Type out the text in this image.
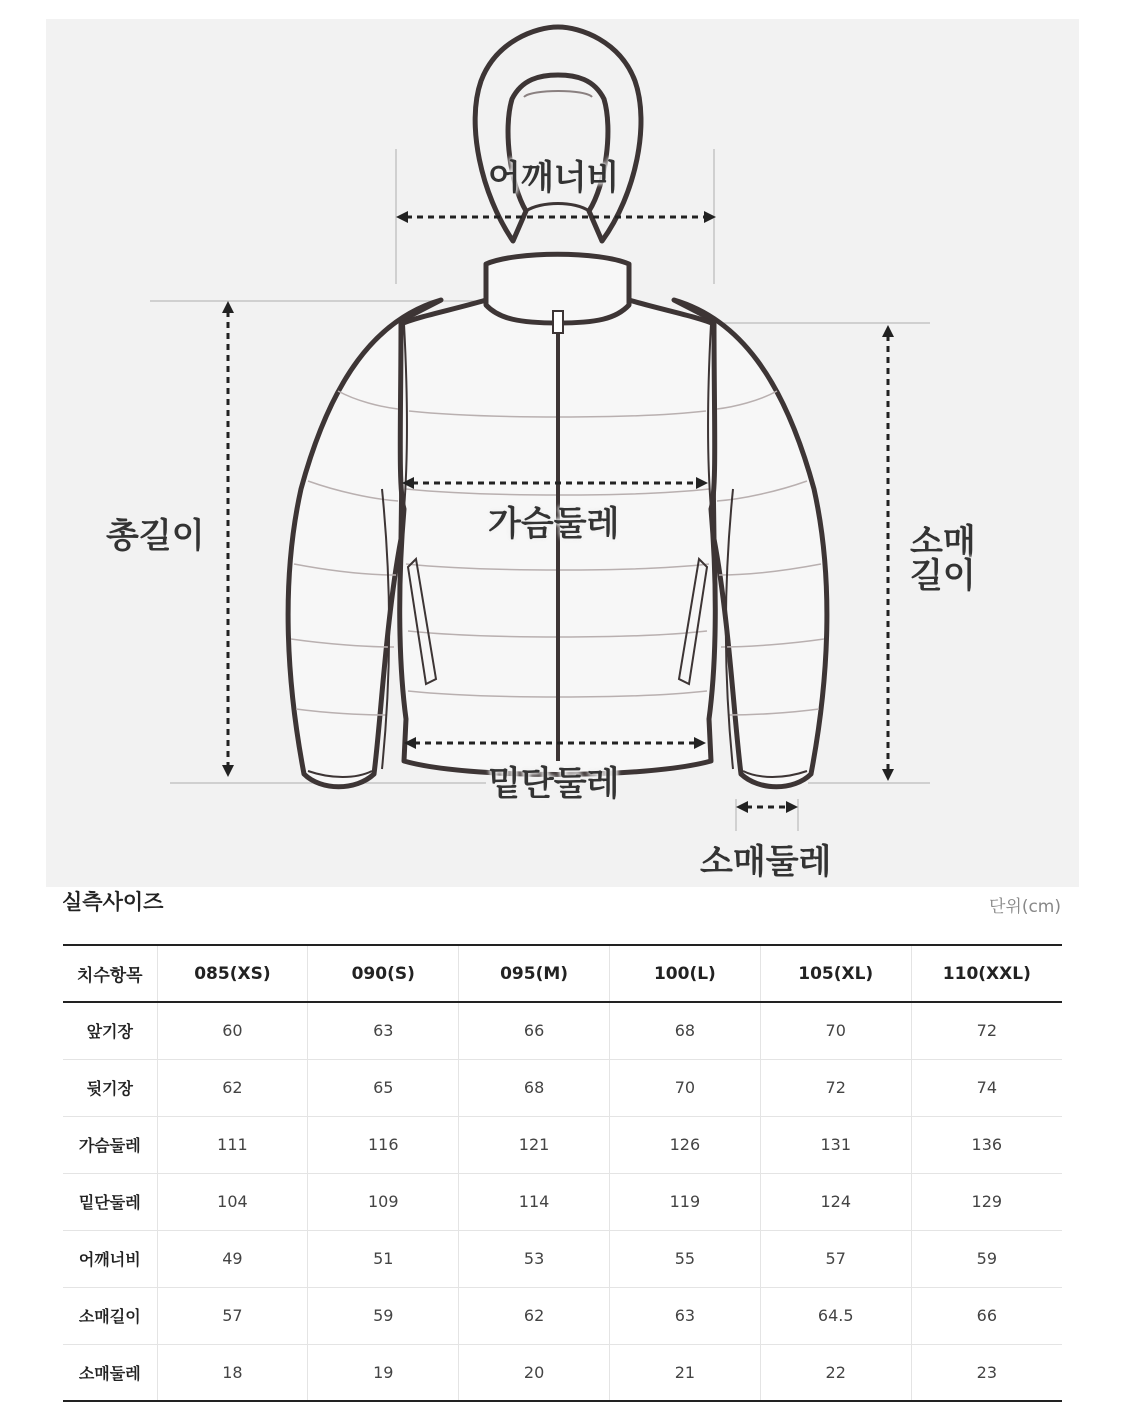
어깨너비
총길이	가슴둘레	소매
길이
밑단둘레
소매둘레
실측사이즈	단위(cm)
치수항목	085(XS)	090(S)	095(M)	100(L)	105(XL)	110(XXL)
앞기장	60	63	66	68	70	72
뒷기장	62	65	68	70	72	74
가슴둘레	111	116	121	126	131	136
밑단둘레	104	109	114	119	124	129
어깨너비	49	51	53	55	57	59
소매길이	57	59	62	63	64.5	66
소매둘레	18	19	20	21	22	23
